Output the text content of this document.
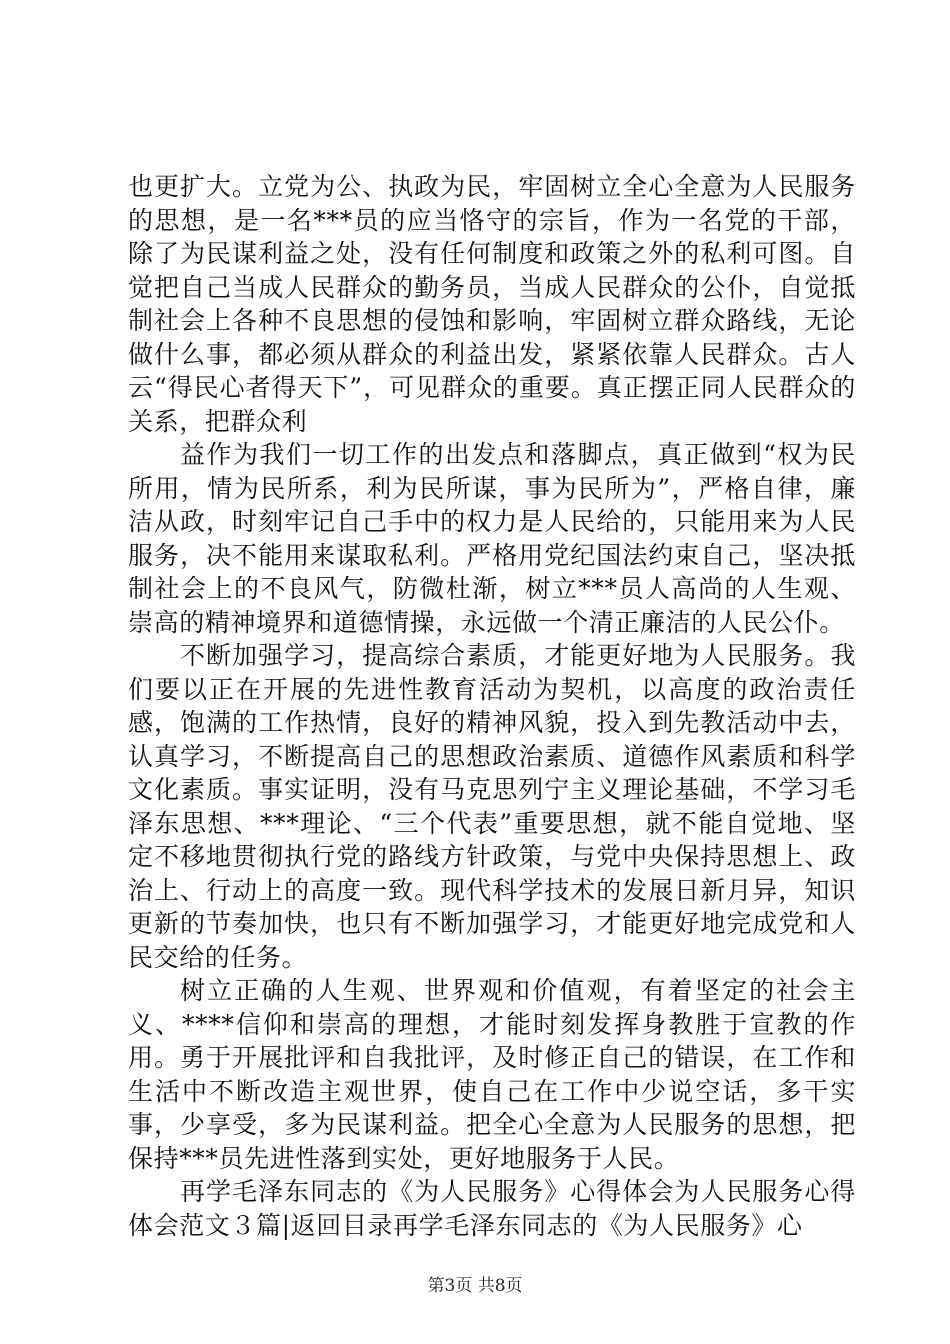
也更扩大。立党为公、执政为民，牢固树立全心全意为人民服务的思想，是一名***员的应当恪守的宗旨，作为一名党的干部，除了为民谋利益之处，没有任何制度和政策之外的私利可图。自觉把自己当成人民群众的勤务员，当成人民群众的公仆，自觉抵制社会上各种不良思想的侵蚀和影响，牢固树立群众路线，无论做什么事，都必须从群众的利益出发，紧紧依靠人民群众。古人云“得民心者得天下”，可见群众的重要。真正摆正同人民群众的关系，把群众利

益作为我们一切工作的出发点和落脚点，真正做到“权为民所用，情为民所系，利为民所谋，事为民所为”，严格自律，廉洁从政，时刻牢记自己手中的权力是人民给的，只能用来为人民服务，决不能用来谋取私利。严格用党纪国法约束自己，坚决抵制社会上的不良风气，防微杜渐，树立***员人高尚的人生观、崇高的精神境界和道德情操，永远做一个清正廉洁的人民公仆。

不断加强学习，提高综合素质，才能更好地为人民服务。我们要以正在开展的先进性教育活动为契机，以高度的政治责任感，饱满的工作热情，良好的精神风貌，投入到先教活动中去，认真学习，不断提高自己的思想政治素质、道德作风素质和科学文化素质。事实证明，没有马克思列宁主义理论基础，不学习毛泽东思想、***理论、“三个代表”重要思想，就不能自觉地、坚定不移地贯彻执行党的路线方针政策，与党中央保持思想上、政治上、行动上的高度一致。现代科学技术的发展日新月异，知识更新的节奏加快，也只有不断加强学习，才能更好地完成党和人民交给的任务。

树立正确的人生观、世界观和价值观，有着坚定的社会主义、****信仰和崇高的理想，才能时刻发挥身教胜于宣教的作用。勇于开展批评和自我批评，及时修正自己的错误，在工作和生活中不断改造主观世界，使自己在工作中少说空话，多干实事，少享受，多为民谋利益。把全心全意为人民服务的思想，把保持***员先进性落到实处，更好地服务于人民。

再学毛泽东同志的《为人民服务》心得体会为人民服务心得体会范文３篇|返回目录再学毛泽东同志的《为人民服务》心

第3页 共8页
